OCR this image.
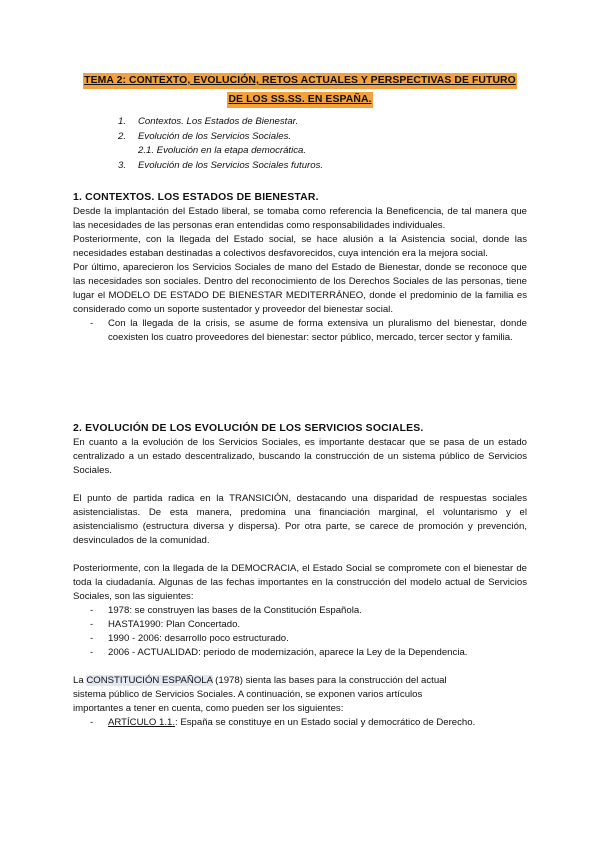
TEMA 2: CONTEXTO, EVOLUCIÓN, RETOS ACTUALES Y PERSPECTIVAS DE FUTURO
DE LOS SS.SS. EN ESPAÑA.
1. Contextos. Los Estados de Bienestar.
2. Evolución de los Servicios Sociales.
2.1. Evolución en la etapa democrática.
3. Evolución de los Servicios Sociales futuros.
1. CONTEXTOS. LOS ESTADOS DE BIENESTAR.

Desde la implantación del Estado liberal, se tomaba como referencia la Beneficencia, de tal manera que las necesidades de las personas eran entendidas como responsabilidades individuales.

Posteriormente, con la llegada del Estado social, se hace alusión a la Asistencia social, donde las necesidades estaban destinadas a colectivos desfavorecidos, cuya intención era la mejora social.

Por último, aparecieron los Servicios Sociales de mano del Estado de Bienestar, donde se reconoce que las necesidades son sociales. Dentro del reconocimiento de los Derechos Sociales de las personas, tiene lugar el MODELO DE ESTADO DE BIENESTAR MEDITERRÁNEO, donde el predominio de la familia es considerado como un soporte sustentador y proveedor del bienestar social.

-	Con la llegada de la crisis, se asume de forma extensiva un pluralismo del bienestar, donde coexisten los cuatro proveedores del bienestar: sector público, mercado, tercer sector y familia.
2. EVOLUCIÓN DE LOS EVOLUCIÓN DE LOS SERVICIOS SOCIALES.

En cuanto a la evolución de los Servicios Sociales, es importante destacar que se pasa de un estado centralizado a un estado descentralizado, buscando la construcción de un sistema público de Servicios Sociales.

El punto de partida radica en la TRANSICIÓN, destacando una disparidad de respuestas sociales asistencialistas. De esta manera, predomina una financiación marginal, el voluntarismo y el asistencialismo (estructura diversa y dispersa). Por otra parte, se carece de promoción y prevención, desvinculados de la comunidad.

Posteriormente, con la llegada de la DEMOCRACIA, el Estado Social se compromete con el bienestar de toda la ciudadanía. Algunas de las fechas importantes en la construcción del modelo actual de Servicios Sociales, son las siguientes:

-	1978: se construyen las bases de la Constitución Española.
-	HASTA1990: Plan Concertado.
-	1990 - 2006: desarrollo poco estructurado.
-	2006 - ACTUALIDAD: periodo de modernización, aparece la Ley de la Dependencia.
La CONSTITUCIÓN ESPAÑOLA (1978) sienta las bases para la construcción del actual
sistema público de Servicios Sociales. A continuación, se exponen varios artículos
importantes a tener en cuenta, como pueden ser los siguientes:
-	ARTÍCULO 1.1.: España se constituye en un Estado social y democrático de Derecho.
